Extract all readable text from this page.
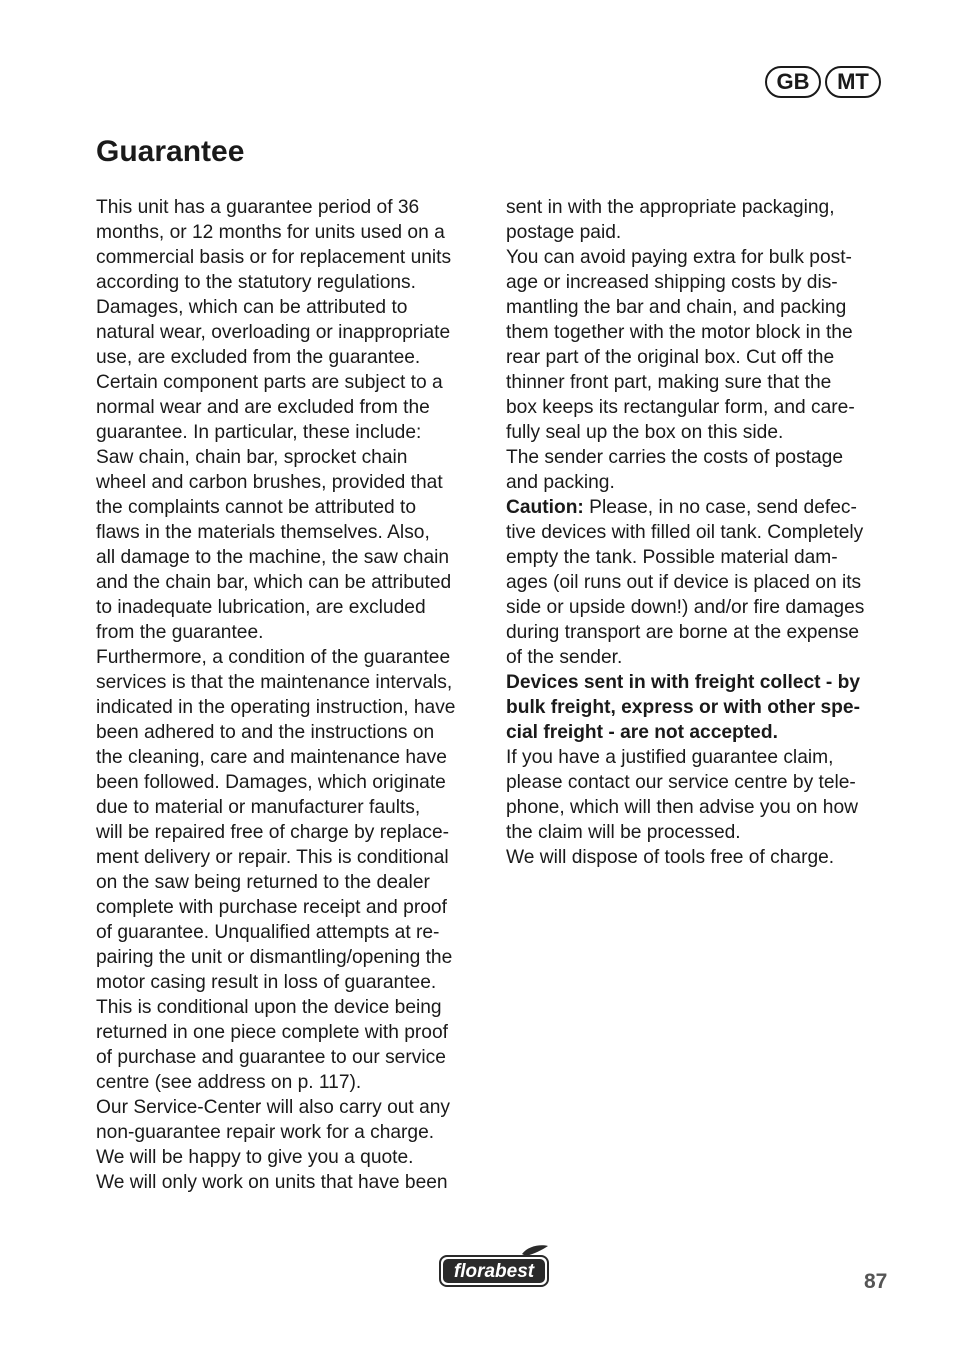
GB	MT
Guarantee
This unit has a guarantee period of 36
months, or 12 months for units used on a
commercial basis or for replacement units
according to the statutory regulations.
Damages, which can be attributed to
natural wear, overloading or inappropriate
use, are excluded from the guarantee.
Certain component parts are subject to a
normal wear and are excluded from the
guarantee. In particular, these include:
Saw chain, chain bar, sprocket chain
wheel and carbon brushes, provided that
the complaints cannot be attributed to
flaws in the materials themselves. Also,
all damage to the machine, the saw chain
and the chain bar, which can be attributed
to inadequate lubrication, are excluded
from the guarantee.
Furthermore, a condition of the guarantee
services is that the maintenance intervals,
indicated in the operating instruction, have
been adhered to and the instructions on
the cleaning, care and maintenance have
been followed. Damages, which originate
due to material or manufacturer faults,
will be repaired free of charge by replace-
ment delivery or repair. This is conditional
on the saw being returned to the dealer
complete with purchase receipt and proof
of guarantee. Unqualified attempts at re-
pairing the unit or dismantling/opening the
motor casing result in loss of guarantee.
This is conditional upon the device being
returned in one piece complete with proof
of purchase and guarantee to our service
centre (see address on p. 117).
Our Service-Center will also carry out any
non-guarantee repair work for a charge.
We will be happy to give you a quote.
We will only work on units that have been
sent in with the appropriate packaging,
postage paid.
You can avoid paying extra for bulk post-
age or increased shipping costs by dis-
mantling the bar and chain, and packing
them together with the motor block in the
rear part of the original box. Cut off the
thinner front part, making sure that the
box keeps its rectangular form, and care-
fully seal up the box on this side.
The sender carries the costs of postage
and packing.
Caution: Please, in no case, send defec-
tive devices with filled oil tank. Completely
empty the tank. Possible material dam-
ages (oil runs out if device is placed on its
side or upside down!) and/or fire damages
during transport are borne at the expense
of the sender.
Devices sent in with freight collect - by
bulk freight, express or with other spe-
cial freight - are not accepted.
If you have a justified guarantee claim,
please contact our service centre by tele-
phone, which will then advise you on how
the claim will be processed.
We will dispose of tools free of charge.
florabest	87
